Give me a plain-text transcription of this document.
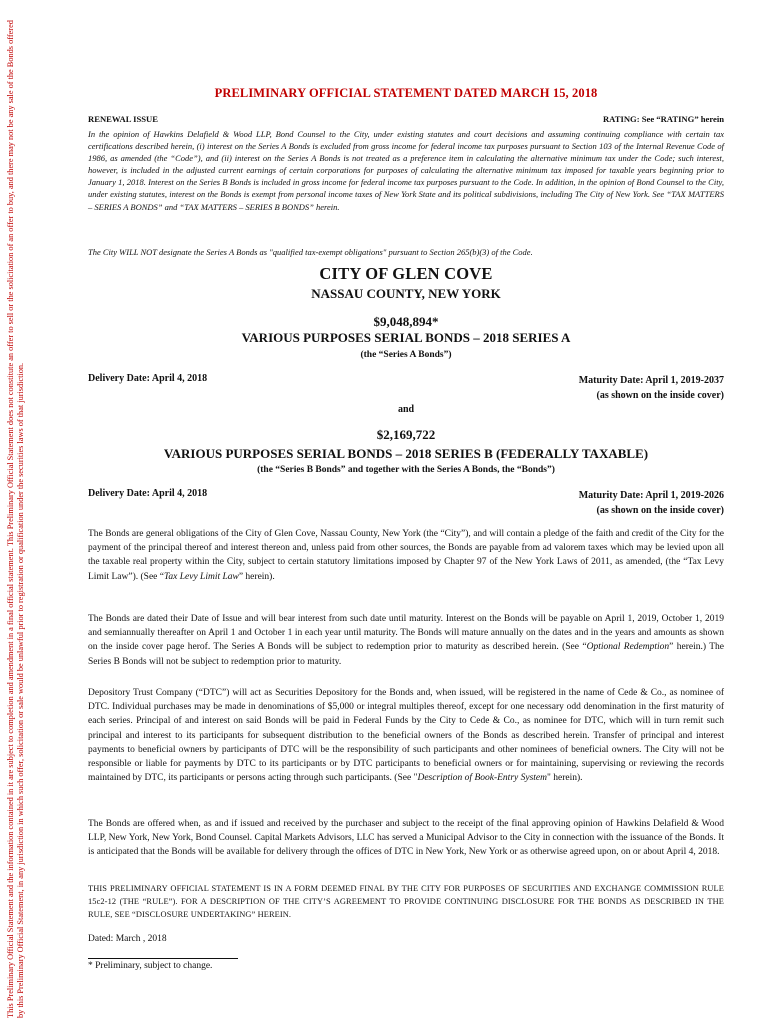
This Preliminary Official Statement and the information contained in it are subject to completion and amendment in a final official statement. This Preliminary Official Statement does not constitute an offer to sell or the solicitation of an offer to buy, and there may not be any sale of the Bonds offered by this Preliminary Official Statement, in any jurisdiction in which such offer, solicitation or sale would be unlawful prior to registration or qualification under the securities laws of that jurisdiction.
PRELIMINARY OFFICIAL STATEMENT DATED MARCH 15, 2018
RENEWAL ISSUE	RATING: See “RATING” herein
In the opinion of Hawkins Delafield & Wood LLP, Bond Counsel to the City, under existing statutes and court decisions and assuming continuing compliance with certain tax certifications described herein, (i) interest on the Series A Bonds is excluded from gross income for federal income tax purposes pursuant to Section 103 of the Internal Revenue Code of 1986, as amended (the “Code”), and (ii) interest on the Series A Bonds is not treated as a preference item in calculating the alternative minimum tax under the Code; such interest, however, is included in the adjusted current earnings of certain corporations for purposes of calculating the alternative minimum tax imposed for taxable years beginning prior to January 1, 2018. Interest on the Series B Bonds is included in gross income for federal income tax purposes pursuant to the Code. In addition, in the opinion of Bond Counsel to the City, under existing statutes, interest on the Bonds is exempt from personal income taxes of New York State and its political subdivisions, including The City of New York. See “TAX MATTERS – SERIES A BONDS” and “TAX MATTERS – SERIES B BONDS” herein.
The City WILL NOT designate the Series A Bonds as "qualified tax-exempt obligations" pursuant to Section 265(b)(3) of the Code.
CITY OF GLEN COVE
NASSAU COUNTY, NEW YORK
$9,048,894*
VARIOUS PURPOSES SERIAL BONDS – 2018 SERIES A
(the “Series A Bonds”)
Delivery Date: April 4, 2018	Maturity Date: April 1, 2019-2037
(as shown on the inside cover)
and
$2,169,722
VARIOUS PURPOSES SERIAL BONDS – 2018 SERIES B (FEDERALLY TAXABLE)
(the “Series B Bonds” and together with the Series A Bonds, the “Bonds”)
Delivery Date: April 4, 2018	Maturity Date: April 1, 2019-2026
(as shown on the inside cover)
The Bonds are general obligations of the City of Glen Cove, Nassau County, New York (the “City”), and will contain a pledge of the faith and credit of the City for the payment of the principal thereof and interest thereon and, unless paid from other sources, the Bonds are payable from ad valorem taxes which may be levied upon all the taxable real property within the City, subject to certain statutory limitations imposed by Chapter 97 of the New York Laws of 2011, as amended, (the “Tax Levy Limit Law”). (See “Tax Levy Limit Law” herein).
The Bonds are dated their Date of Issue and will bear interest from such date until maturity. Interest on the Bonds will be payable on April 1, 2019, October 1, 2019 and semiannually thereafter on April 1 and October 1 in each year until maturity. The Bonds will mature annually on the dates and in the years and amounts as shown on the inside cover page herof. The Series A Bonds will be subject to redemption prior to maturity as described herein. (See “Optional Redemption” herein.) The Series B Bonds will not be subject to redemption prior to maturity.
Depository Trust Company (“DTC”) will act as Securities Depository for the Bonds and, when issued, will be registered in the name of Cede & Co., as nominee of DTC. Individual purchases may be made in denominations of $5,000 or integral multiples thereof, except for one necessary odd denomination in the first maturity of each series. Principal of and interest on said Bonds will be paid in Federal Funds by the City to Cede & Co., as nominee for DTC, which will in turn remit such principal and interest to its participants for subsequent distribution to the beneficial owners of the Bonds as described herein. Transfer of principal and interest payments to beneficial owners by participants of DTC will be the responsibility of such participants and other nominees of beneficial owners. The City will not be responsible or liable for payments by DTC to its participants or by DTC participants to beneficial owners or for maintaining, supervising or reviewing the records maintained by DTC, its participants or persons acting through such participants. (See "Description of Book-Entry System" herein).
The Bonds are offered when, as and if issued and received by the purchaser and subject to the receipt of the final approving opinion of Hawkins Delafield & Wood LLP, New York, New York, Bond Counsel. Capital Markets Advisors, LLC has served a Municipal Advisor to the City in connection with the issuance of the Bonds. It is anticipated that the Bonds will be available for delivery through the offices of DTC in New York, New York or as otherwise agreed upon, on or about April 4, 2018.
THIS PRELIMINARY OFFICIAL STATEMENT IS IN A FORM DEEMED FINAL BY THE CITY FOR PURPOSES OF SECURITIES AND EXCHANGE COMMISSION RULE 15c2-12 (THE “RULE”). FOR A DESCRIPTION OF THE CITY’S AGREEMENT TO PROVIDE CONTINUING DISCLOSURE FOR THE BONDS AS DESCRIBED IN THE RULE, SEE “DISCLOSURE UNDERTAKING” HEREIN.
Dated: March , 2018
* Preliminary, subject to change.
